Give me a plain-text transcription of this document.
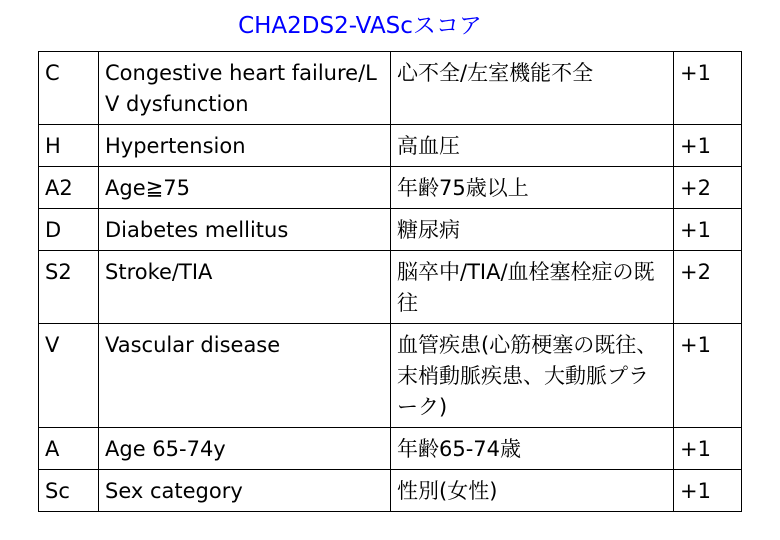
CHA2DS2-VAScスコア
C	Congestive heart failure/LV dysfunction	心不全/左室機能不全	+1
H	Hypertension	高血圧	+1
A2	Age≧75	年齢75歳以上	+2
D	Diabetes mellitus	糖尿病	+1
S2	Stroke/TIA	脳卒中/TIA/血栓塞栓症の既往	+2
V	Vascular disease	血管疾患(心筋梗塞の既往、末梢動脈疾患、大動脈プラーク)	+1
A	Age 65-74y	年齢65-74歳	+1
Sc	Sex category	性別(女性)	+1
